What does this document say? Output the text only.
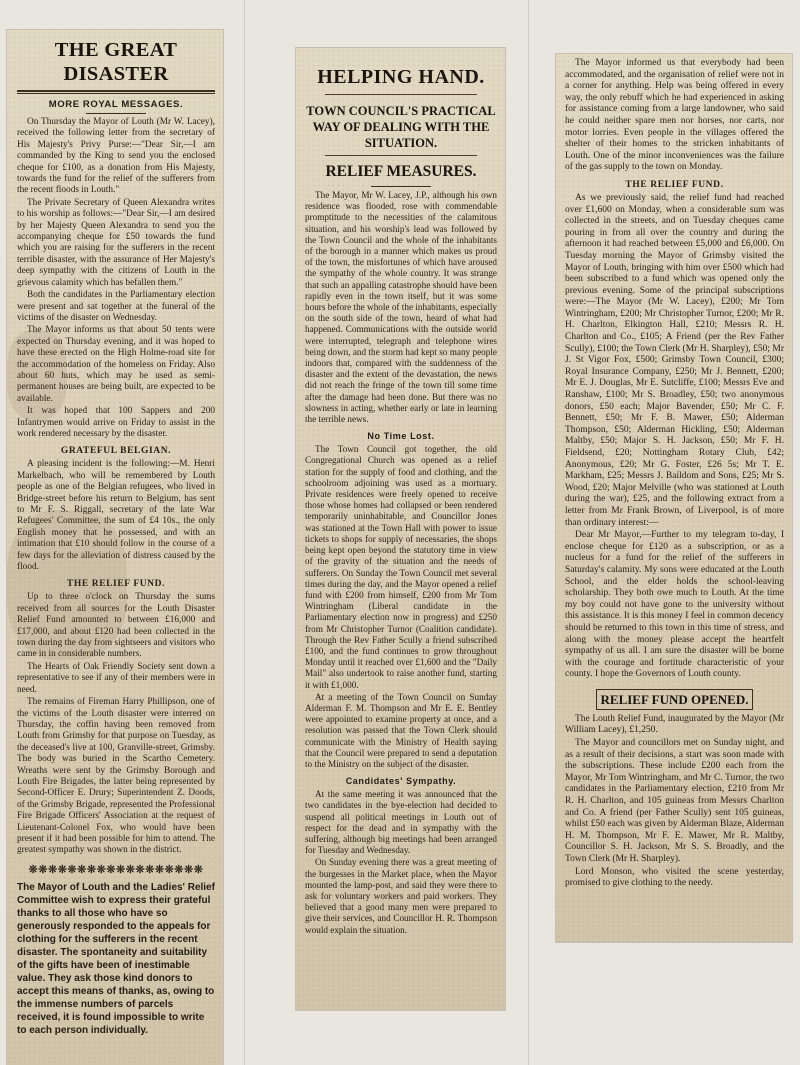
THE GREAT DISASTER
MORE ROYAL MESSAGES.

On Thursday the Mayor of Louth (Mr W. Lacey), received the following letter from the secretary of His Majesty's Privy Purse:—"Dear Sir,—I am commanded by the King to send you the enclosed cheque for £100, as a donation from His Majesty, towards the fund for the relief of the sufferers from the recent floods in Louth."

The Private Secretary of Queen Alexandra writes to his worship as follows:—"Dear Sir,—I am desired by her Majesty Queen Alexandra to send you the accompanying cheque for £50 towards the fund which you are raising for the sufferers in the recent terrible disaster, with the assurance of Her Majesty's deep sympathy with the citizens of Louth in the grievous calamity which has befallen them."

Both the candidates in the Parliamentary election were present and sat together at the funeral of the victims of the disaster on Wednesday.

The Mayor informs us that about 50 tents were expected on Thursday evening, and it was hoped to have these erected on the High Holme-road site for the accommodation of the homeless on Friday. Also about 60 huts, which may be used as semi-permanent houses are being built, are expected to be available.

It was hoped that 100 Sappers and 200 Infantrymen would arrive on Friday to assist in the work rendered necessary by the disaster.

GRATEFUL BELGIAN.

A pleasing incident is the following:—M. Henri Markelbach, who will be remembered by Louth people as one of the Belgian refugees, who lived in Bridge-street before his return to Belgium, has sent to Mr F. S. Riggall, secretary of the late War Refugees' Committee, the sum of £4 10s., the only English money that he possessed, and with an intimation that £10 should follow in the course of a few days for the alleviation of distress caused by the flood.

THE RELIEF FUND.

Up to three o'clock on Thursday the sums received from all sources for the Louth Disaster Relief Fund amounted to between £16,000 and £17,000, and about £120 had been collected in the town during the day from sightseers and visitors who came in in considerable numbers.

The Hearts of Oak Friendly Society sent down a representative to see if any of their members were in need.

The remains of Fireman Harry Phillipson, one of the victims of the Louth disaster were interred on Thursday, the coffin having been removed from Louth from Grimsby for that purpose on Tuesday, as the deceased's live at 100, Granville-street, Grimsby. The body was buried in the Scartho Cemetery. Wreaths were sent by the Grimsby Borough and Louth Fire Brigades, the latter being represented by Second-Officer E. Drury; Superintendent Z. Doods, of the Grimsby Brigade, represented the Professional Fire Brigade Officers' Association at the request of Lieutenant-Colonel Fox, who would have been present if it had been possible for him to attend. The greatest sympathy was shown in the district.

❊❊❊❊❊❊❊❊❊❊❊❊❊❊❊❊❊❊

The Mayor of Louth and the Ladies' Relief Committee wish to express their grateful thanks to all those who have so generously responded to the appeals for clothing for the sufferers in the recent disaster. The spontaneity and suitability of the gifts have been of inestimable value. They ask those kind donors to accept this means of thanks, as, owing to the immense numbers of parcels received, it is found impossible to write to each person individually.

HELPING HAND.
TOWN COUNCIL'S PRACTICAL WAY OF DEALING WITH THE SITUATION.
RELIEF MEASURES.

The Mayor, Mr W. Lacey, J.P., although his own residence was flooded, rose with commendable promptitude to the necessities of the calamitous situation, and his worship's lead was followed by the Town Council and the whole of the inhabitants of the borough in a manner which makes us proud of the town, the misfortunes of which have aroused the sympathy of the whole country. It was strange that such an appalling catastrophe should have been rapidly even in the town itself, but it was some hours before the whole of the inhabitants, especially on the south side of the town, heard of what had happened. Communications with the outside world were interrupted, telegraph and telephone wires being down, and the storm had kept so many people indoors that, compared with the suddenness of the disaster and the extent of the devastation, the news did not reach the fringe of the town till some time after the damage had been done. But there was no slowness in acting, whether early or late in learning the terrible news.

No Time Lost.

The Town Council got together, the old Congregational Church was opened as a relief station for the supply of food and clothing, and the schoolroom adjoining was used as a mortuary. Private residences were freely opened to receive those whose homes had collapsed or been rendered temporarily uninhabitable, and Councillor Jones was stationed at the Town Hall with power to issue tickets to shops for supply of necessaries, the shops being kept open beyond the statutory time in view of the gravity of the situation and the needs of sufferers. On Sunday the Town Council met several times during the day, and the Mayor opened a relief fund with £200 from himself, £200 from Mr Tom Wintringham (Liberal candidate in the Parliamentary election now in progress) and £250 from Mr Christopher Turnor (Coalition candidate). Through the Rev Father Scully a friend subscribed £100, and the fund continues to grow throughout Monday until it reached over £1,600 and the "Daily Mail" also undertook to raise another fund, starting it with £1,000.

At a meeting of the Town Council on Sunday Alderman F. M. Thompson and Mr E. E. Bentley were appointed to examine property at once, and a resolution was passed that the Town Clerk should communicate with the Ministry of Health saying that the Council were prepared to send a deputation to the Ministry on the subject of the disaster.

Candidates' Sympathy.

At the same meeting it was announced that the two candidates in the bye-election had decided to suspend all political meetings in Louth out of respect for the dead and in sympathy with the suffering, although big meetings had been arranged for Tuesday and Wednesday.

On Sunday evening there was a great meeting of the burgesses in the Market place, when the Mayor mounted the lamp-post, and said they were there to ask for voluntary workers and paid workers. They believed that a good many men were prepared to give their services, and Councillor H. R. Thompson would explain the situation.

The Mayor informed us that everybody had been accommodated, and the organisation of relief were not in a corner for anything. Help was being offered in every way, the only rebuff which he had experienced in asking for assistance coming from a large landowner, who said he could neither spare men nor horses, nor carts, nor motor lorries. Even people in the villages offered the shelter of their homes to the stricken inhabitants of Louth. One of the minor inconveniences was the failure of the gas supply to the town on Monday.

THE RELIEF FUND.

As we previously said, the relief fund had reached over £1,600 on Monday, when a considerable sum was collected in the streets, and on Tuesday cheques came pouring in from all over the country and during the afternoon it had reached between £5,000 and £6,000. On Tuesday morning the Mayor of Grimsby visited the Mayor of Louth, bringing with him over £500 which had been subscribed to a fund which was opened only the previous evening. Some of the principal subscriptions were:—The Mayor (Mr W. Lacey), £200; Mr Tom Wintringham, £200; Mr Christopher Turnor, £200; Mr R. H. Charlton, Elkington Hall, £210; Messrs R. H. Charlton and Co., £105; A Friend (per the Rev Father Scully), £100; the Town Clerk (Mr H. Sharpley), £50; Mr J. St Vigor Fox, £500; Grimsby Town Council, £300; Royal Insurance Company, £250; Mr J. Bennett, £200; Mr E. J. Douglas, Mr E. Sutcliffe, £100; Messrs Eve and Ranshaw, £100; Mr S. Broadley, £50; two anonymous donors, £50 each; Major Bavender, £50; Mr C. F. Bennett, £50; Mr F. B. Mawer, £50; Alderman Thompson, £50; Alderman Hickling, £50; Alderman Maltby, £50; Major S. H. Jackson, £50; Mr F. H. Fieldsend, £20; Nottingham Rotary Club, £42; Anonymous, £20; Mr G. Foster, £26 5s; Mr T. E. Markham, £25; Messrs J. Baildom and Sons, £25; Mr S. Wood, £20; Major Melville (who was stationed at Louth during the war), £25, and the following extract from a letter from Mr Frank Brown, of Liverpool, is of more than ordinary interest:—

Dear Mr Mayor,—Further to my telegram to-day, I enclose cheque for £120 as a subscription, or as a nucleus for a fund for the relief of the sufferers in Saturday's calamity. My sons were educated at the Louth School, and the elder holds the school-leaving scholarship. They both owe much to Louth. At the time my boy could not have gone to the university without this assistance. It is this money I feel in common decency should be returned to this town in this time of stress, and along with the money please accept the heartfelt sympathy of us all. I am sure the disaster will be borne with the courage and fortitude characteristic of your county. I hope the Governors of Louth county.

RELIEF FUND OPENED.

The Louth Relief Fund, inaugurated by the Mayor (Mr William Lacey), £1,250.

The Mayor and councillors met on Sunday night, and as a result of their decisions, a start was soon made with the subscriptions. These include £200 each from the Mayor, Mr Tom Wintringham, and Mr C. Turnor, the two candidates in the Parliamentary election, £210 from Mr R. H. Charlton, and 105 guineas from Messrs Charlton and Co. A friend (per Father Scully) sent 105 guineas, whilst £50 each was given by Alderman Blaze, Alderman H. M. Thompson, Mr F. E. Mawer, Mr R. Maltby, Councillor S. H. Jackson, Mr S. S. Broadly, and the Town Clerk (Mr H. Sharpley).

Lord Monson, who visited the scene yesterday, promised to give clothing to the needy.
